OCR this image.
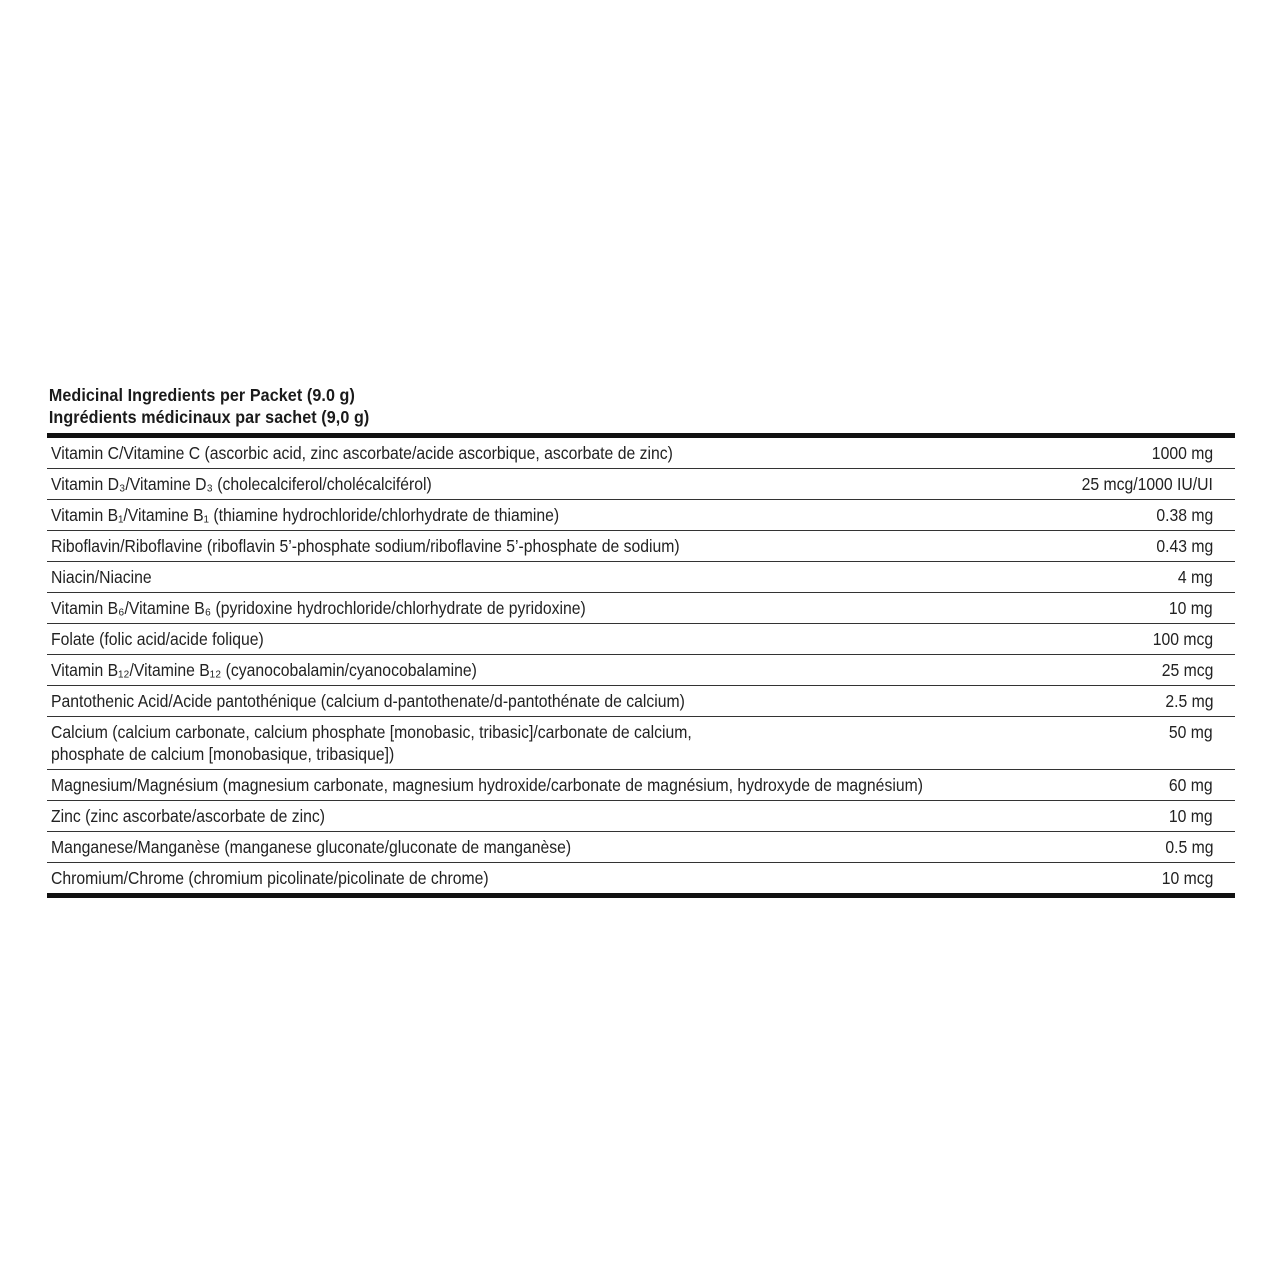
Medicinal Ingredients per Packet (9.0 g)
Ingrédients médicinaux par sachet (9,0 g)
Vitamin C/Vitamine C (ascorbic acid, zinc ascorbate/acide ascorbique, ascorbate de zinc)	1000 mg
Vitamin D₃/Vitamine D₃ (cholecalciferol/cholécalciférol)	25 mcg/1000 IU/UI
Vitamin B₁/Vitamine B₁ (thiamine hydrochloride/chlorhydrate de thiamine)	0.38 mg
Riboflavin/Riboflavine (riboflavin 5’-phosphate sodium/riboflavine 5’-phosphate de sodium)	0.43 mg
Niacin/Niacine	4 mg
Vitamin B₆/Vitamine B₆ (pyridoxine hydrochloride/chlorhydrate de pyridoxine)	10 mg
Folate (folic acid/acide folique)	100 mcg
Vitamin B₁₂/Vitamine B₁₂ (cyanocobalamin/cyanocobalamine)	25 mcg
Pantothenic Acid/Acide pantothénique (calcium d-pantothenate/d-pantothénate de calcium)	2.5 mg

Calcium (calcium carbonate, calcium phosphate [monobasic, tribasic]/carbonate de calcium,
phosphate de calcium [monobasique, tribasique])	50 mg
Magnesium/Magnésium (magnesium carbonate, magnesium hydroxide/carbonate de magnésium, hydroxyde de magnésium)	60 mg
Zinc (zinc ascorbate/ascorbate de zinc)	10 mg
Manganese/Manganèse (manganese gluconate/gluconate de manganèse)	0.5 mg
Chromium/Chrome (chromium picolinate/picolinate de chrome)	10 mcg
